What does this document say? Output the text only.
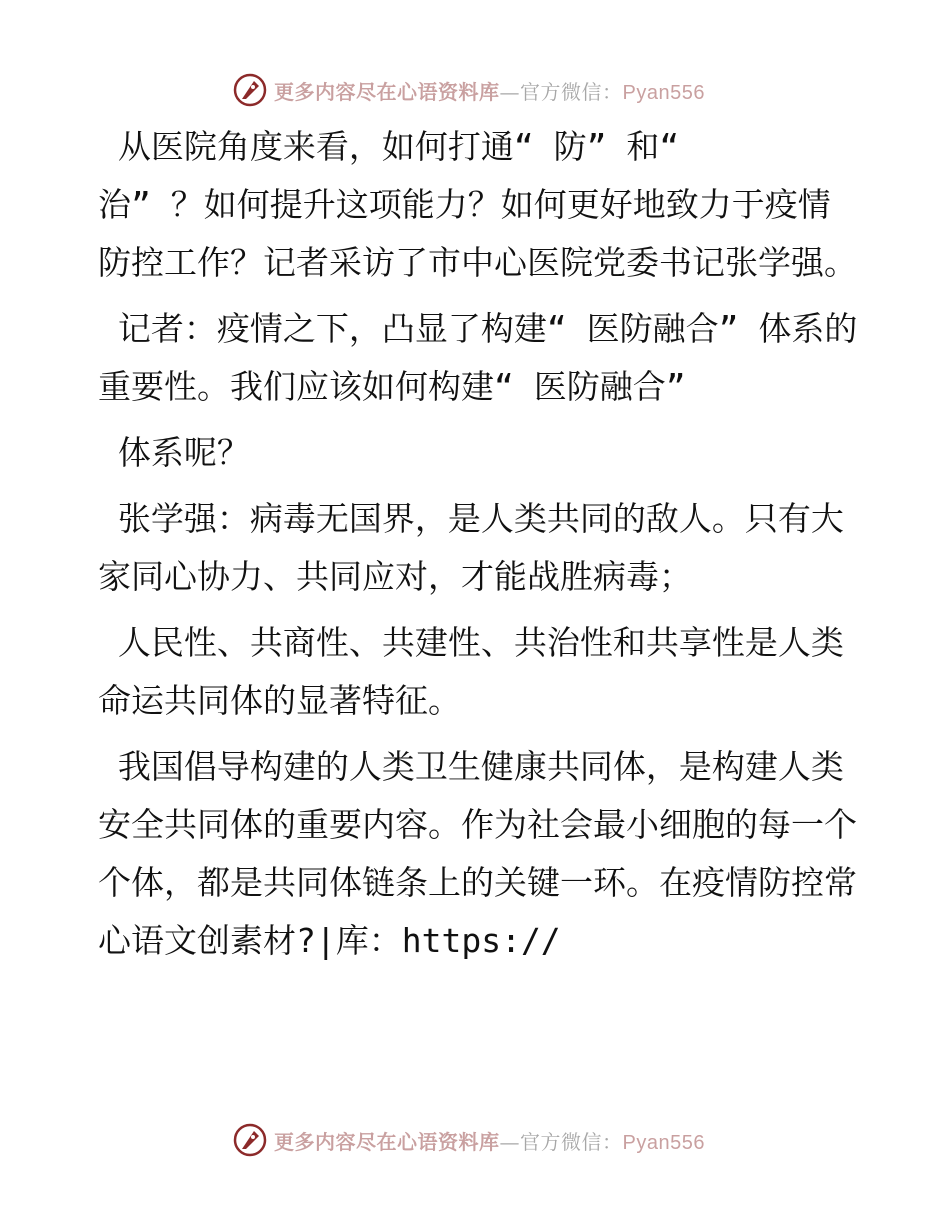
更多内容尽在心语资料库—官方微信：Pyan556

从医院角度来看，如何打通“ 防” 和“

治” ？如何提升这项能力？如何更好地致力于疫情防控工作？记者采访了市中心医院党委书记张学强。

记者：疫情之下，凸显了构建“ 医防融合” 体系的重要性。我们应该如何构建“ 医防融合”

体系呢？

张学强：病毒无国界，是人类共同的敌人。只有大家同心协力、共同应对，才能战胜病毒；

人民性、共商性、共建性、共治性和共享性是人类命运共同体的显著特征。

我国倡导构建的人类卫生健康共同体，是构建人类安全共同体的重要内容。作为社会最小细胞的每一个个体，都是共同体链条上的关键一环。在疫情防控常心语文创素材?|库：https://

更多内容尽在心语资料库—官方微信：Pyan556
